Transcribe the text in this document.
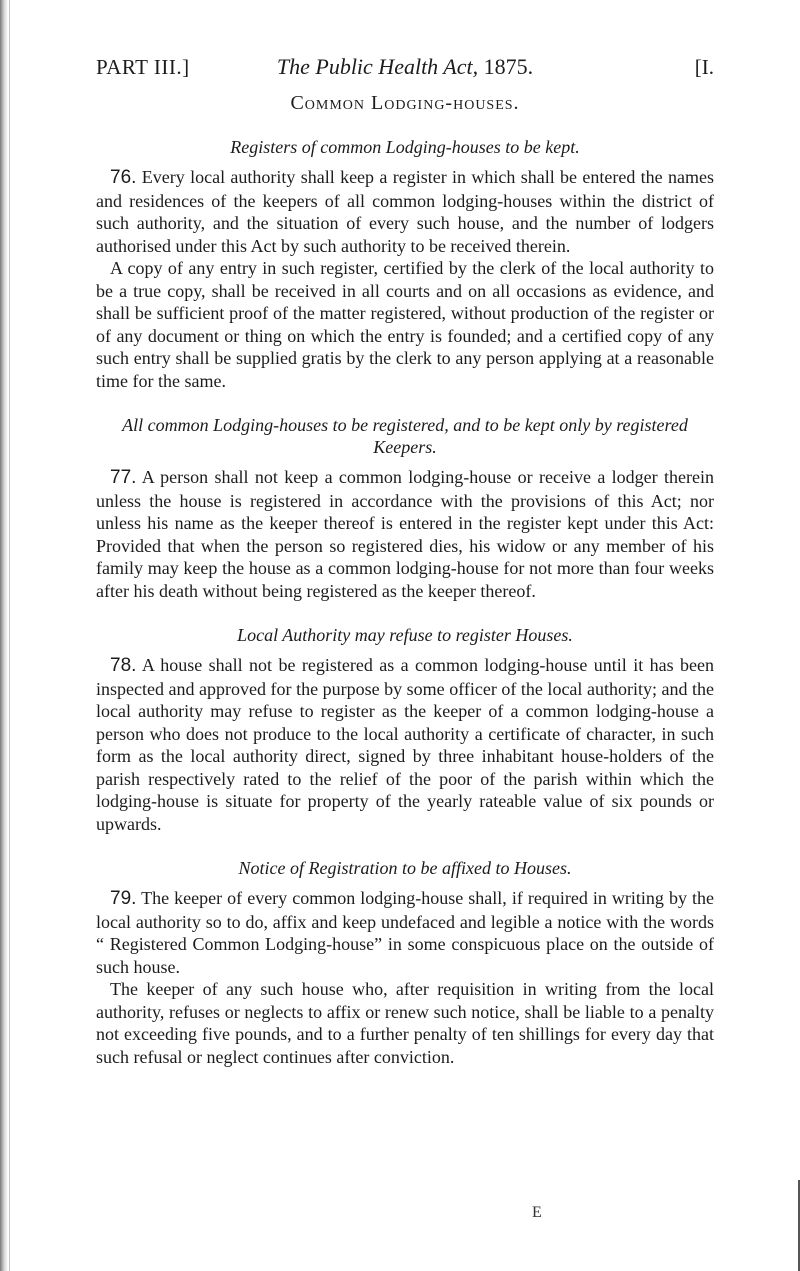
PART III.]	The Public Health Act, 1875.	[I.
Common Lodging-houses.
Registers of common Lodging-houses to be kept.

76. Every local authority shall keep a register in which shall be entered the names and residences of the keepers of all common lodging-houses within the district of such authority, and the situation of every such house, and the number of lodgers authorised under this Act by such authority to be received therein.

A copy of any entry in such register, certified by the clerk of the local authority to be a true copy, shall be received in all courts and on all occasions as evidence, and shall be sufficient proof of the matter registered, without production of the register or of any document or thing on which the entry is founded; and a certified copy of any such entry shall be supplied gratis by the clerk to any person applying at a reasonable time for the same.

All common Lodging-houses to be registered, and to be kept only by registered Keepers.

77. A person shall not keep a common lodging-house or receive a lodger therein unless the house is registered in accordance with the provisions of this Act; nor unless his name as the keeper thereof is entered in the register kept under this Act: Provided that when the person so registered dies, his widow or any member of his family may keep the house as a common lodging-house for not more than four weeks after his death without being registered as the keeper thereof.

Local Authority may refuse to register Houses.

78. A house shall not be registered as a common lodging-house until it has been inspected and approved for the purpose by some officer of the local authority; and the local authority may refuse to register as the keeper of a common lodging-house a person who does not produce to the local authority a certificate of character, in such form as the local authority direct, signed by three inhabitant house-holders of the parish respectively rated to the relief of the poor of the parish within which the lodging-house is situate for property of the yearly rateable value of six pounds or upwards.

Notice of Registration to be affixed to Houses.

79. The keeper of every common lodging-house shall, if required in writing by the local authority so to do, affix and keep undefaced and legible a notice with the words “ Registered Common Lodging-house” in some conspicuous place on the outside of such house.

The keeper of any such house who, after requisition in writing from the local authority, refuses or neglects to affix or renew such notice, shall be liable to a penalty not exceeding five pounds, and to a further penalty of ten shillings for every day that such refusal or neglect continues after conviction.

E
